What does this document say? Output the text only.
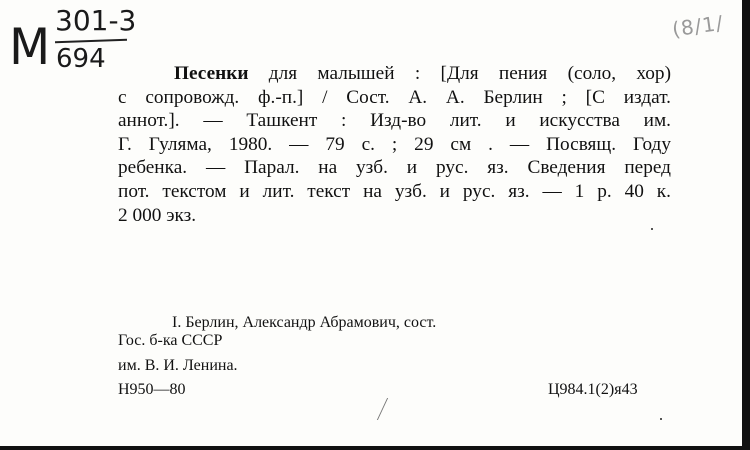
М 301-3
694
(8/1/
Песенки для малышей : [Для пения (соло, хор)
с сопровожд. ф.-п.] / Сост. А. А. Берлин ; [С издат.
аннот.]. — Ташкент : Изд-во лит. и искусства им.
Г. Гуляма, 1980. — 79 с. ; 29 см . — Посвящ. Году
ребенка. — Парал. на узб. и рус. яз. Сведения перед
пот. текстом и лит. текст на узб. и рус. яз. — 1 р. 40 к.
2 000 экз.
I. Берлин, Александр Абрамович, сост.
Гос. б-ка СССР
им. В. И. Ленина.
Н950—80	Ц984.1(2)я43
